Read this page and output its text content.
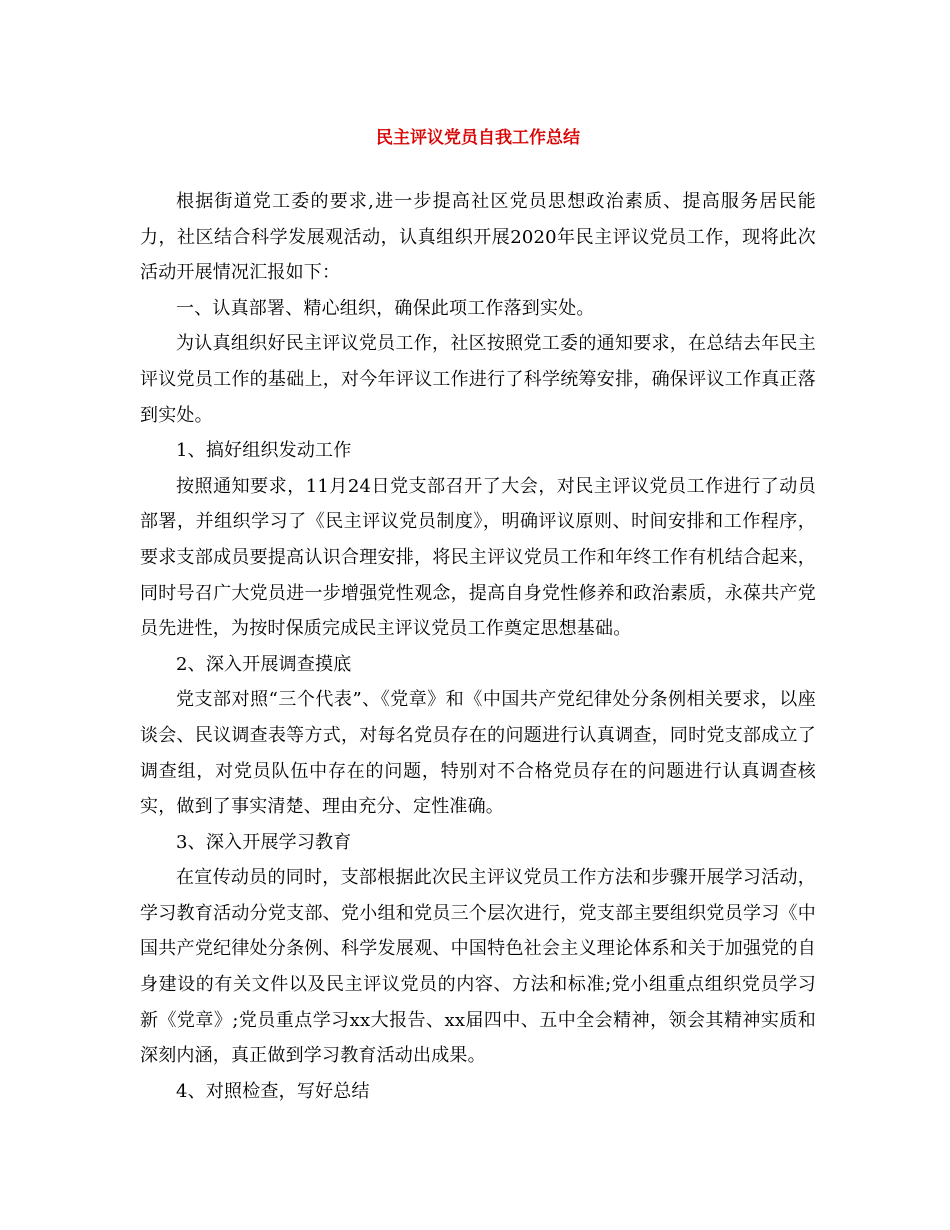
民主评议党员自我工作总结

根据街道党工委的要求,进一步提高社区党员思想政治素质、提高服务居民能力，社区结合科学发展观活动，认真组织开展2020年民主评议党员工作，现将此次活动开展情况汇报如下：

一、认真部署、精心组织，确保此项工作落到实处。

为认真组织好民主评议党员工作，社区按照党工委的通知要求，在总结去年民主评议党员工作的基础上，对今年评议工作进行了科学统筹安排，确保评议工作真正落到实处。

1、搞好组织发动工作

按照通知要求，11月24日党支部召开了大会，对民主评议党员工作进行了动员部署，并组织学习了《民主评议党员制度》，明确评议原则、时间安排和工作程序，要求支部成员要提高认识合理安排，将民主评议党员工作和年终工作有机结合起来，同时号召广大党员进一步增强党性观念，提高自身党性修养和政治素质，永葆共产党员先进性，为按时保质完成民主评议党员工作奠定思想基础。

2、深入开展调查摸底

党支部对照“三个代表”、《党章》和《中国共产党纪律处分条例相关要求，以座谈会、民议调查表等方式，对每名党员存在的问题进行认真调查，同时党支部成立了调查组，对党员队伍中存在的问题，特别对不合格党员存在的问题进行认真调查核实，做到了事实清楚、理由充分、定性准确。

3、深入开展学习教育

在宣传动员的同时，支部根据此次民主评议党员工作方法和步骤开展学习活动，学习教育活动分党支部、党小组和党员三个层次进行，党支部主要组织党员学习《中国共产党纪律处分条例、科学发展观、中国特色社会主义理论体系和关于加强党的自身建设的有关文件以及民主评议党员的内容、方法和标准;党小组重点组织党员学习新《党章》;党员重点学习xx大报告、xx届四中、五中全会精神，领会其精神实质和深刻内涵，真正做到学习教育活动出成果。

4、对照检查，写好总结
